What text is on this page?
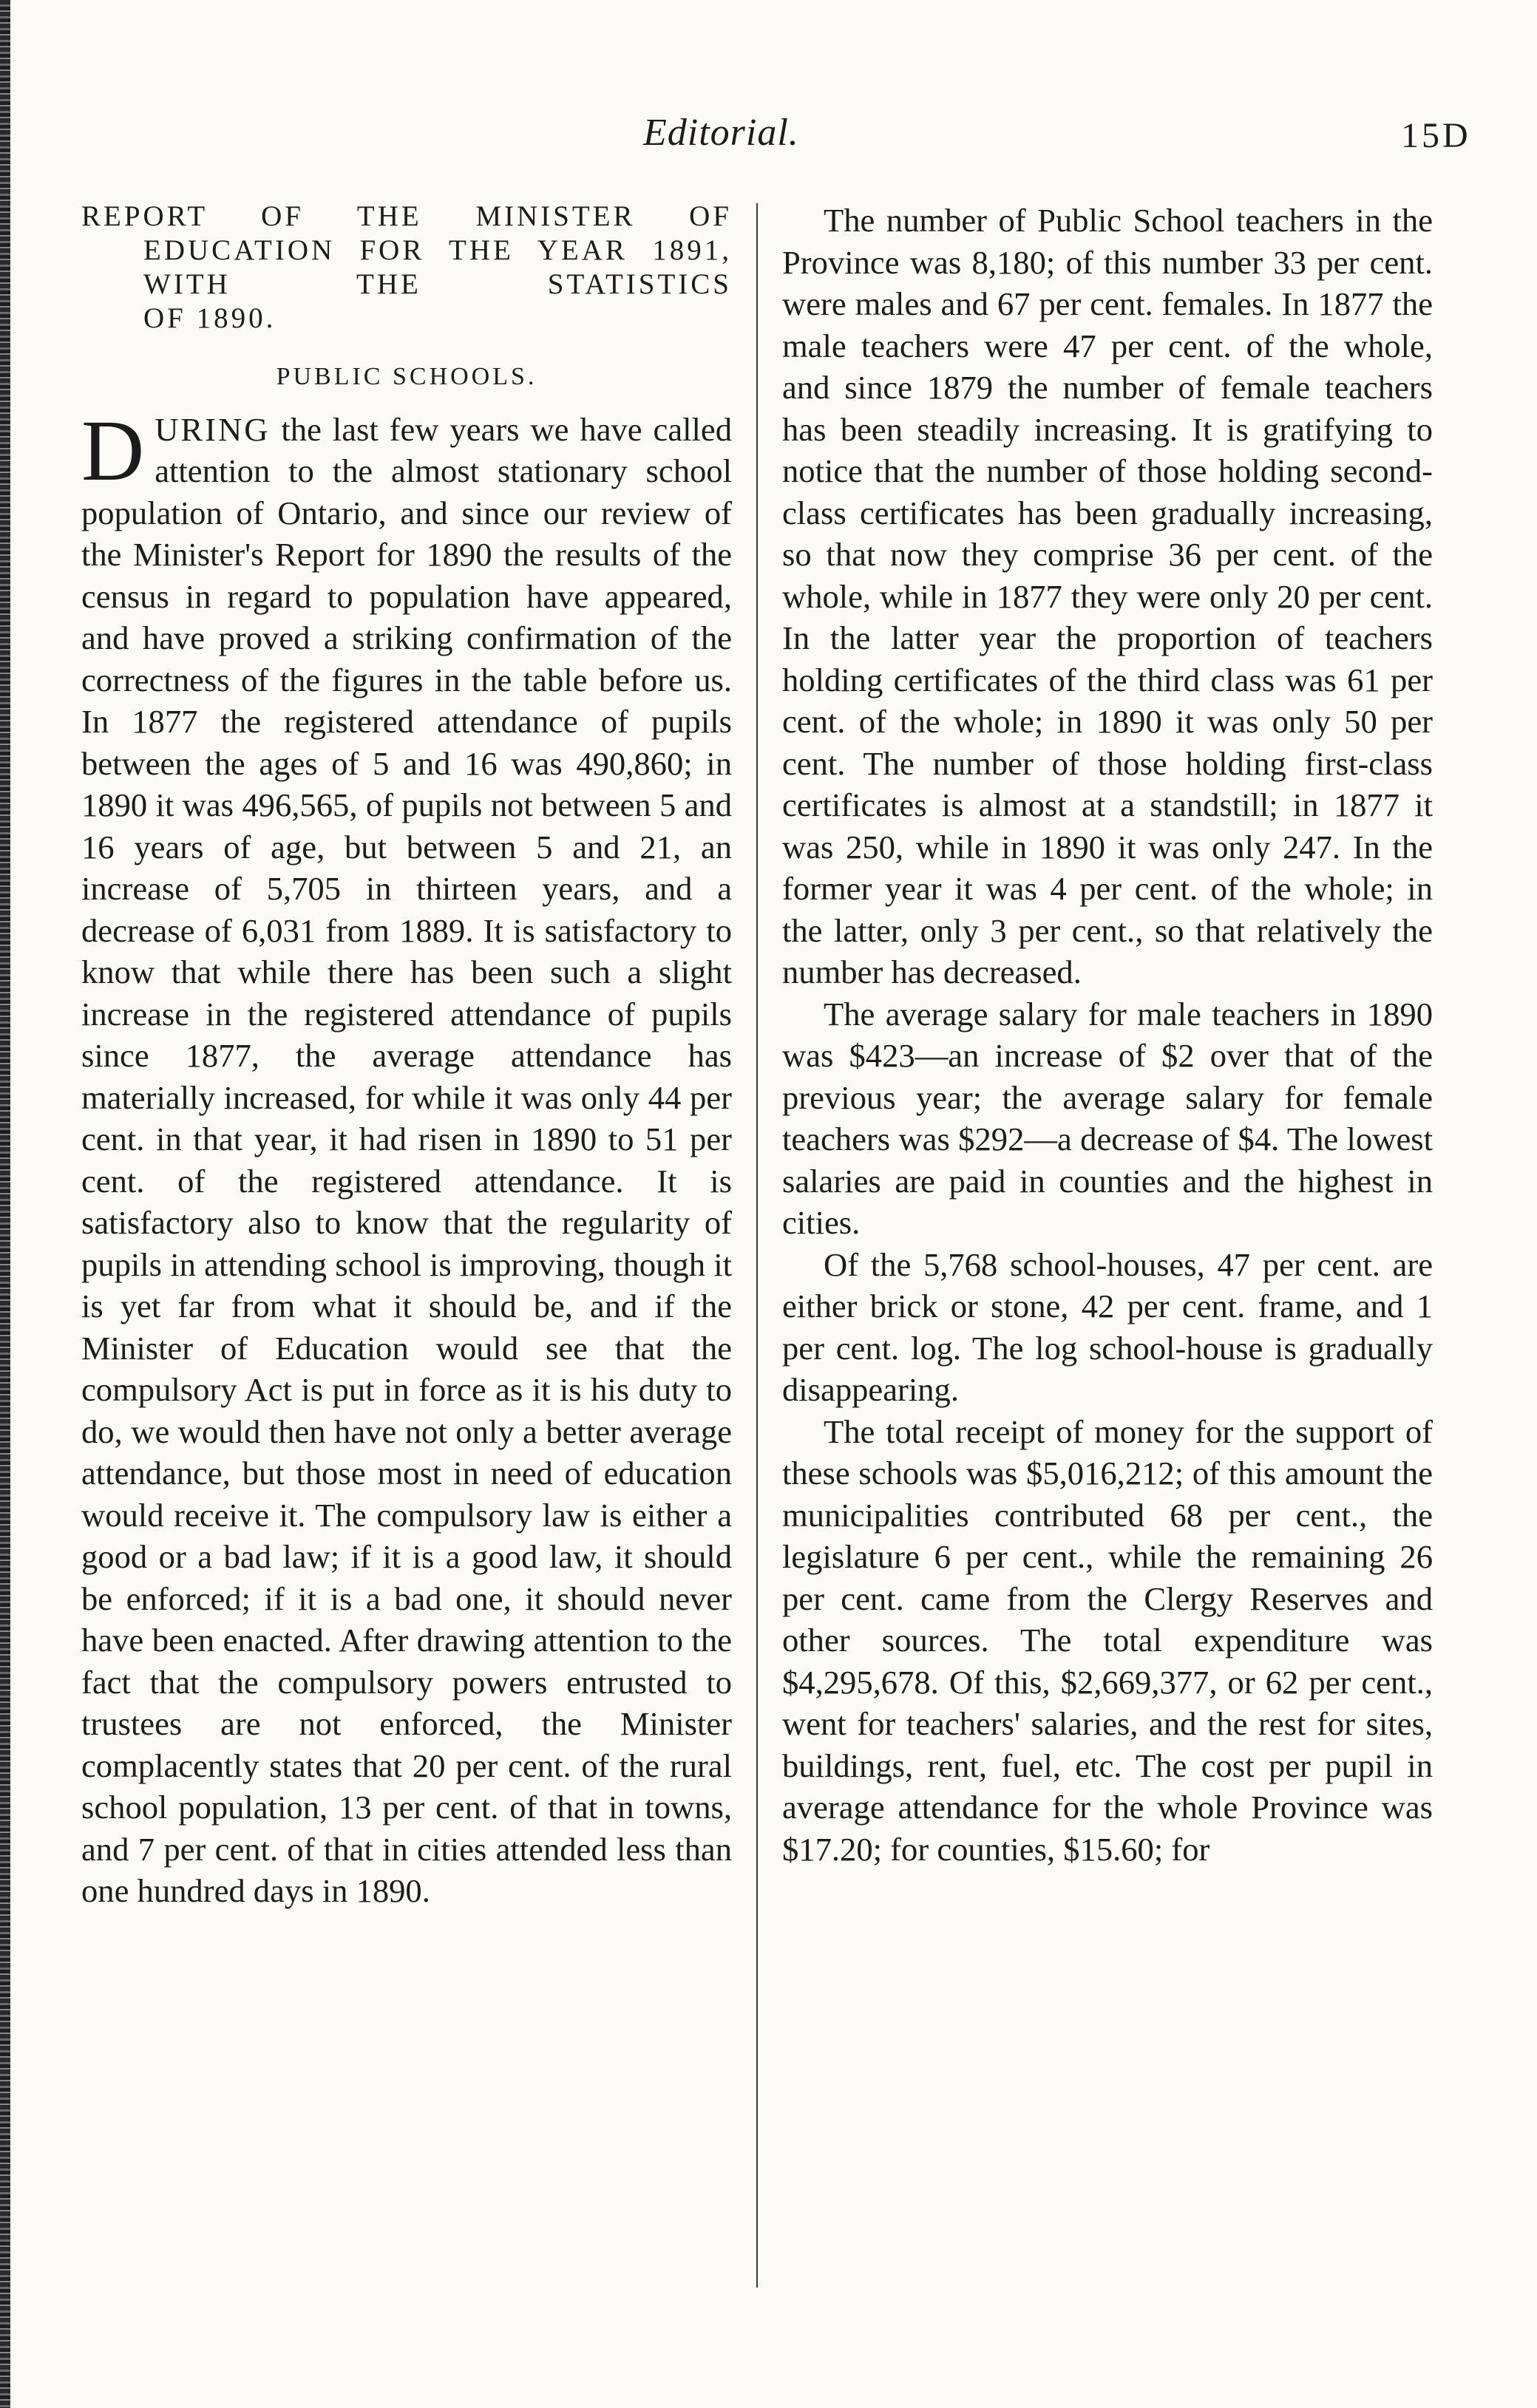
Editorial.	15D
REPORT OF THE MINISTER OF
EDUCATION FOR THE YEAR 1891, WITH THE STATISTICS
OF 1890.
PUBLIC SCHOOLS.

DURING the last few years we have called attention to the almost stationary school population of Ontario, and since our review of the Minister's Report for 1890 the results of the census in regard to population have appeared, and have proved a striking confirmation of the correctness of the figures in the table before us. In 1877 the registered attendance of pupils between the ages of 5 and 16 was 490,860; in 1890 it was 496,565, of pupils not between 5 and 16 years of age, but between 5 and 21, an increase of 5,705 in thirteen years, and a decrease of 6,031 from 1889. It is satisfactory to know that while there has been such a slight increase in the registered attendance of pupils since 1877, the average attendance has materially increased, for while it was only 44 per cent. in that year, it had risen in 1890 to 51 per cent. of the registered attendance. It is satisfactory also to know that the regularity of pupils in attending school is improving, though it is yet far from what it should be, and if the Minister of Education would see that the compulsory Act is put in force as it is his duty to do, we would then have not only a better average attendance, but those most in need of education would receive it. The compulsory law is either a good or a bad law; if it is a good law, it should be enforced; if it is a bad one, it should never have been enacted. After drawing attention to the fact that the compulsory powers entrusted to trustees are not enforced, the Minister complacently states that 20 per cent. of the rural school population, 13 per cent. of that in towns, and 7 per cent. of that in cities attended less than one hundred days in 1890.

The number of Public School teachers in the Province was 8,180; of this number 33 per cent. were males and 67 per cent. females. In 1877 the male teachers were 47 per cent. of the whole, and since 1879 the number of female teachers has been steadily increasing. It is gratifying to notice that the number of those holding second-class certificates has been gradually increasing, so that now they comprise 36 per cent. of the whole, while in 1877 they were only 20 per cent. In the latter year the proportion of teachers holding certificates of the third class was 61 per cent. of the whole; in 1890 it was only 50 per cent. The number of those holding first-class certificates is almost at a standstill; in 1877 it was 250, while in 1890 it was only 247. In the former year it was 4 per cent. of the whole; in the latter, only 3 per cent., so that relatively the number has decreased.

The average salary for male teachers in 1890 was $423—an increase of $2 over that of the previous year; the average salary for female teachers was $292—a decrease of $4. The lowest salaries are paid in counties and the highest in cities.

Of the 5,768 school-houses, 47 per cent. are either brick or stone, 42 per cent. frame, and 1 per cent. log. The log school-house is gradually disappearing.

The total receipt of money for the support of these schools was $5,016,212; of this amount the municipalities contributed 68 per cent., the legislature 6 per cent., while the remaining 26 per cent. came from the Clergy Reserves and other sources. The total expenditure was $4,295,678. Of this, $2,669,377, or 62 per cent., went for teachers' salaries, and the rest for sites, buildings, rent, fuel, etc. The cost per pupil in average attendance for the whole Province was $17.20; for counties, $15.60; for
